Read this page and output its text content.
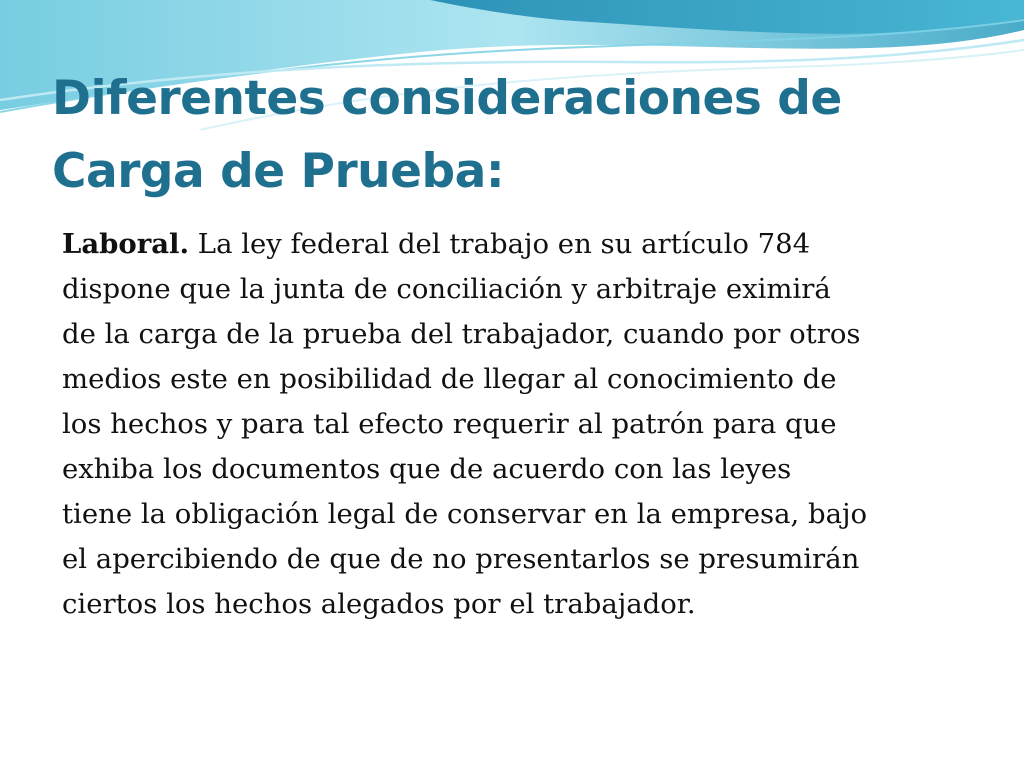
Diferentes consideraciones de
Carga de Prueba:
Laboral. La ley federal del trabajo en su artículo 784
dispone que la junta de conciliación y arbitraje eximirá
de la carga de la prueba del trabajador, cuando por otros
medios este en posibilidad de llegar al conocimiento de
los hechos y para tal efecto requerir al patrón para que
exhiba los documentos que de acuerdo con las leyes
tiene la obligación legal de conservar en la empresa, bajo
el apercibiendo de que de no presentarlos se presumirán
ciertos los hechos alegados por el trabajador.
